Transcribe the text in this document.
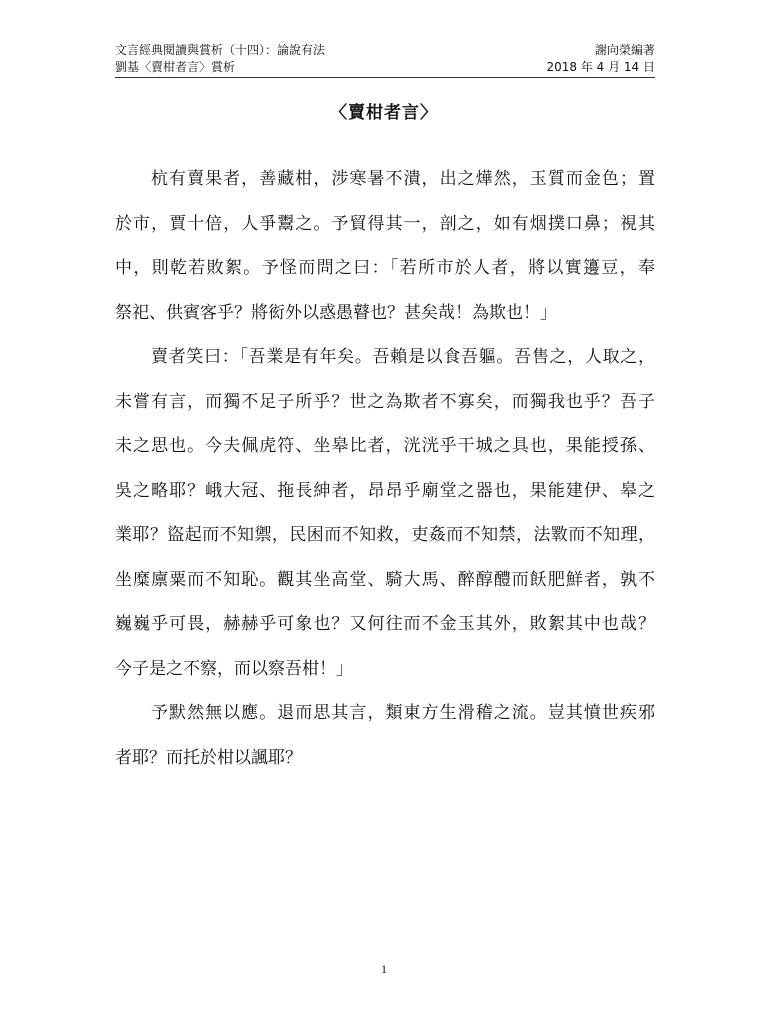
文言經典閱讀與賞析（十四）：論說有法	謝向榮編著
劉基〈賣柑者言〉賞析	2018 年 4 月 14 日
〈賣柑者言〉

杭有賣果者，善藏柑，涉寒暑不潰，出之燁然，玉質而金色；置
於市，賈十倍，人爭鬻之。予貿得其一，剖之，如有烟撲口鼻；視其
中，則乾若敗絮。予怪而問之曰：「若所市於人者，將以實籩豆，奉
祭祀、供賓客乎？將衒外以惑愚瞽也？甚矣哉！為欺也！」

賣者笑曰：「吾業是有年矣。吾賴是以食吾軀。吾售之，人取之，
未嘗有言，而獨不足子所乎？世之為欺者不寡矣，而獨我也乎？吾子
未之思也。今夫佩虎符、坐皋比者，洸洸乎干城之具也，果能授孫、
吳之略耶？峨大冠、拖長紳者，昂昂乎廟堂之器也，果能建伊、皋之
業耶？盜起而不知禦，民困而不知救，吏姦而不知禁，法斁而不知理，
坐糜廪粟而不知恥。觀其坐高堂、騎大馬、醉醇醴而飫肥鮮者，孰不
巍巍乎可畏，赫赫乎可象也？又何往而不金玉其外，敗絮其中也哉？
今子是之不察，而以察吾柑！」

予默然無以應。退而思其言，類東方生滑稽之流。豈其憤世疾邪
者耶？而托於柑以諷耶？

1
